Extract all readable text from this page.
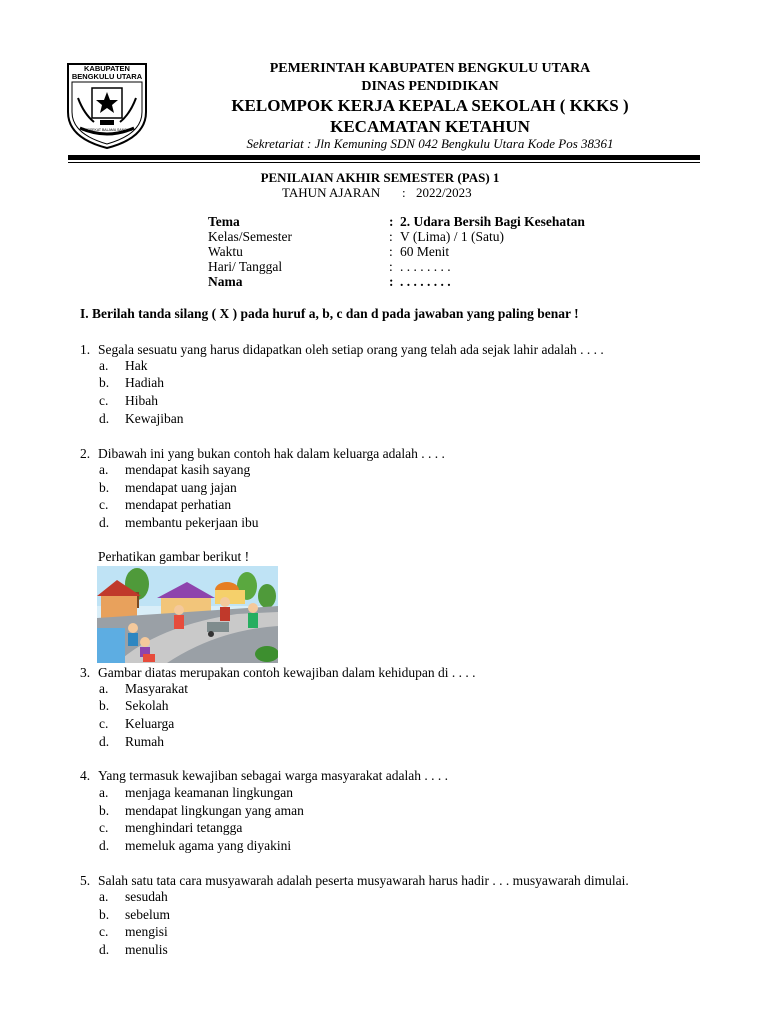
KABUPATEN BENGKULU UTARA
MERSEKAT BALAMA SANGGA SEBANDI
PEMERINTAH KABUPATEN BENGKULU UTARA
DINAS PENDIDIKAN
KELOMPOK KERJA KEPALA SEKOLAH ( KKKS )
KECAMATAN KETAHUN
Sekretariat : Jln Kemuning SDN 042 Bengkulu Utara Kode Pos 38361
PENILAIAN AKHIR SEMESTER (PAS) 1
TAHUN AJARAN : 2022/2023
Tema	: 2. Udara Bersih Bagi Kesehatan
Kelas/Semester	: V (Lima) / 1 (Satu)
Waktu	: 60 Menit
Hari/ Tanggal	: . . . . . . . .
Nama	: . . . . . . . .
I. Berilah tanda silang ( X ) pada huruf a, b, c dan d pada jawaban yang paling benar !
1. Segala sesuatu yang harus didapatkan oleh setiap orang yang telah ada sejak lahir adalah . . . .
a. Hak
b. Hadiah
c. Hibah
d. Kewajiban
2. Dibawah ini yang bukan contoh hak dalam keluarga adalah . . . .
a. mendapat kasih sayang
b. mendapat uang jajan
c. mendapat perhatian
d. membantu pekerjaan ibu
Perhatikan gambar berikut !
3. Gambar diatas merupakan contoh kewajiban dalam kehidupan di . . . .
a. Masyarakat
b. Sekolah
c. Keluarga
d. Rumah
4. Yang termasuk kewajiban sebagai warga masyarakat adalah . . . .
a. menjaga keamanan lingkungan
b. mendapat lingkungan yang aman
c. menghindari tetangga
d. memeluk agama yang diyakini
5. Salah satu tata cara musyawarah adalah peserta musyawarah harus hadir . . . musyawarah dimulai.
a. sesudah
b. sebelum
c. mengisi
d. menulis
